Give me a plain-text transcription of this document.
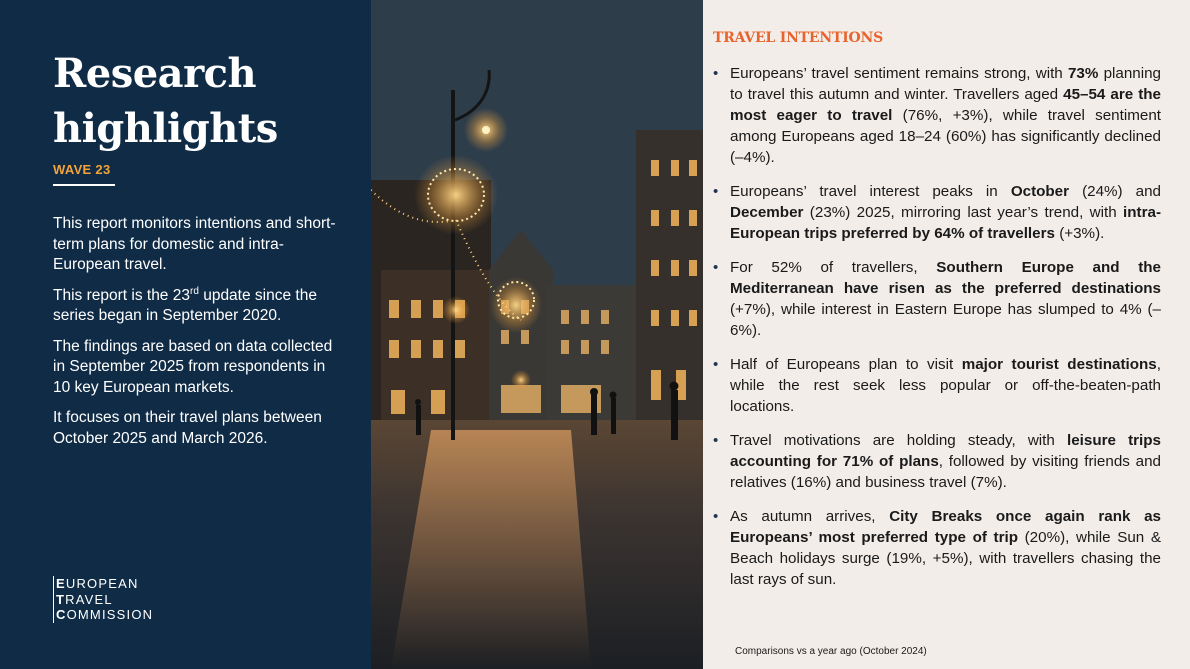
Research
highlights
WAVE 23

This report monitors intentions and short-term plans for domestic and intra-European travel.

This report is the 23rd update since the series began in September 2020.

The findings are based on data collected in September 2025 from respondents in 10 key European markets.

It focuses on their travel plans between October 2025 and March 2026.

EUROPEAN
TRAVEL
COMMISSION
TRAVEL INTENTIONS
• Europeans’ travel sentiment remains strong, with 73% planning to travel this autumn and winter. Travellers aged 45–54 are the most eager to travel (76%, +3%), while travel sentiment among Europeans aged 18–24 (60%) has significantly declined (–4%).
• Europeans’ travel interest peaks in October (24%) and December (23%) 2025, mirroring last year’s trend, with intra-European trips preferred by 64% of travellers (+3%).
• For 52% of travellers, Southern Europe and the Mediterranean have risen as the preferred destinations (+7%), while interest in Eastern Europe has slumped to 4% (–6%).
• Half of Europeans plan to visit major tourist destinations, while the rest seek less popular or off-the-beaten-path locations.
• Travel motivations are holding steady, with leisure trips accounting for 71% of plans, followed by visiting friends and relatives (16%) and business travel (7%).
• As autumn arrives, City Breaks once again rank as Europeans’ most preferred type of trip (20%), while Sun & Beach holidays surge (19%, +5%), with travellers chasing the last rays of sun.
Comparisons vs a year ago (October 2024)
